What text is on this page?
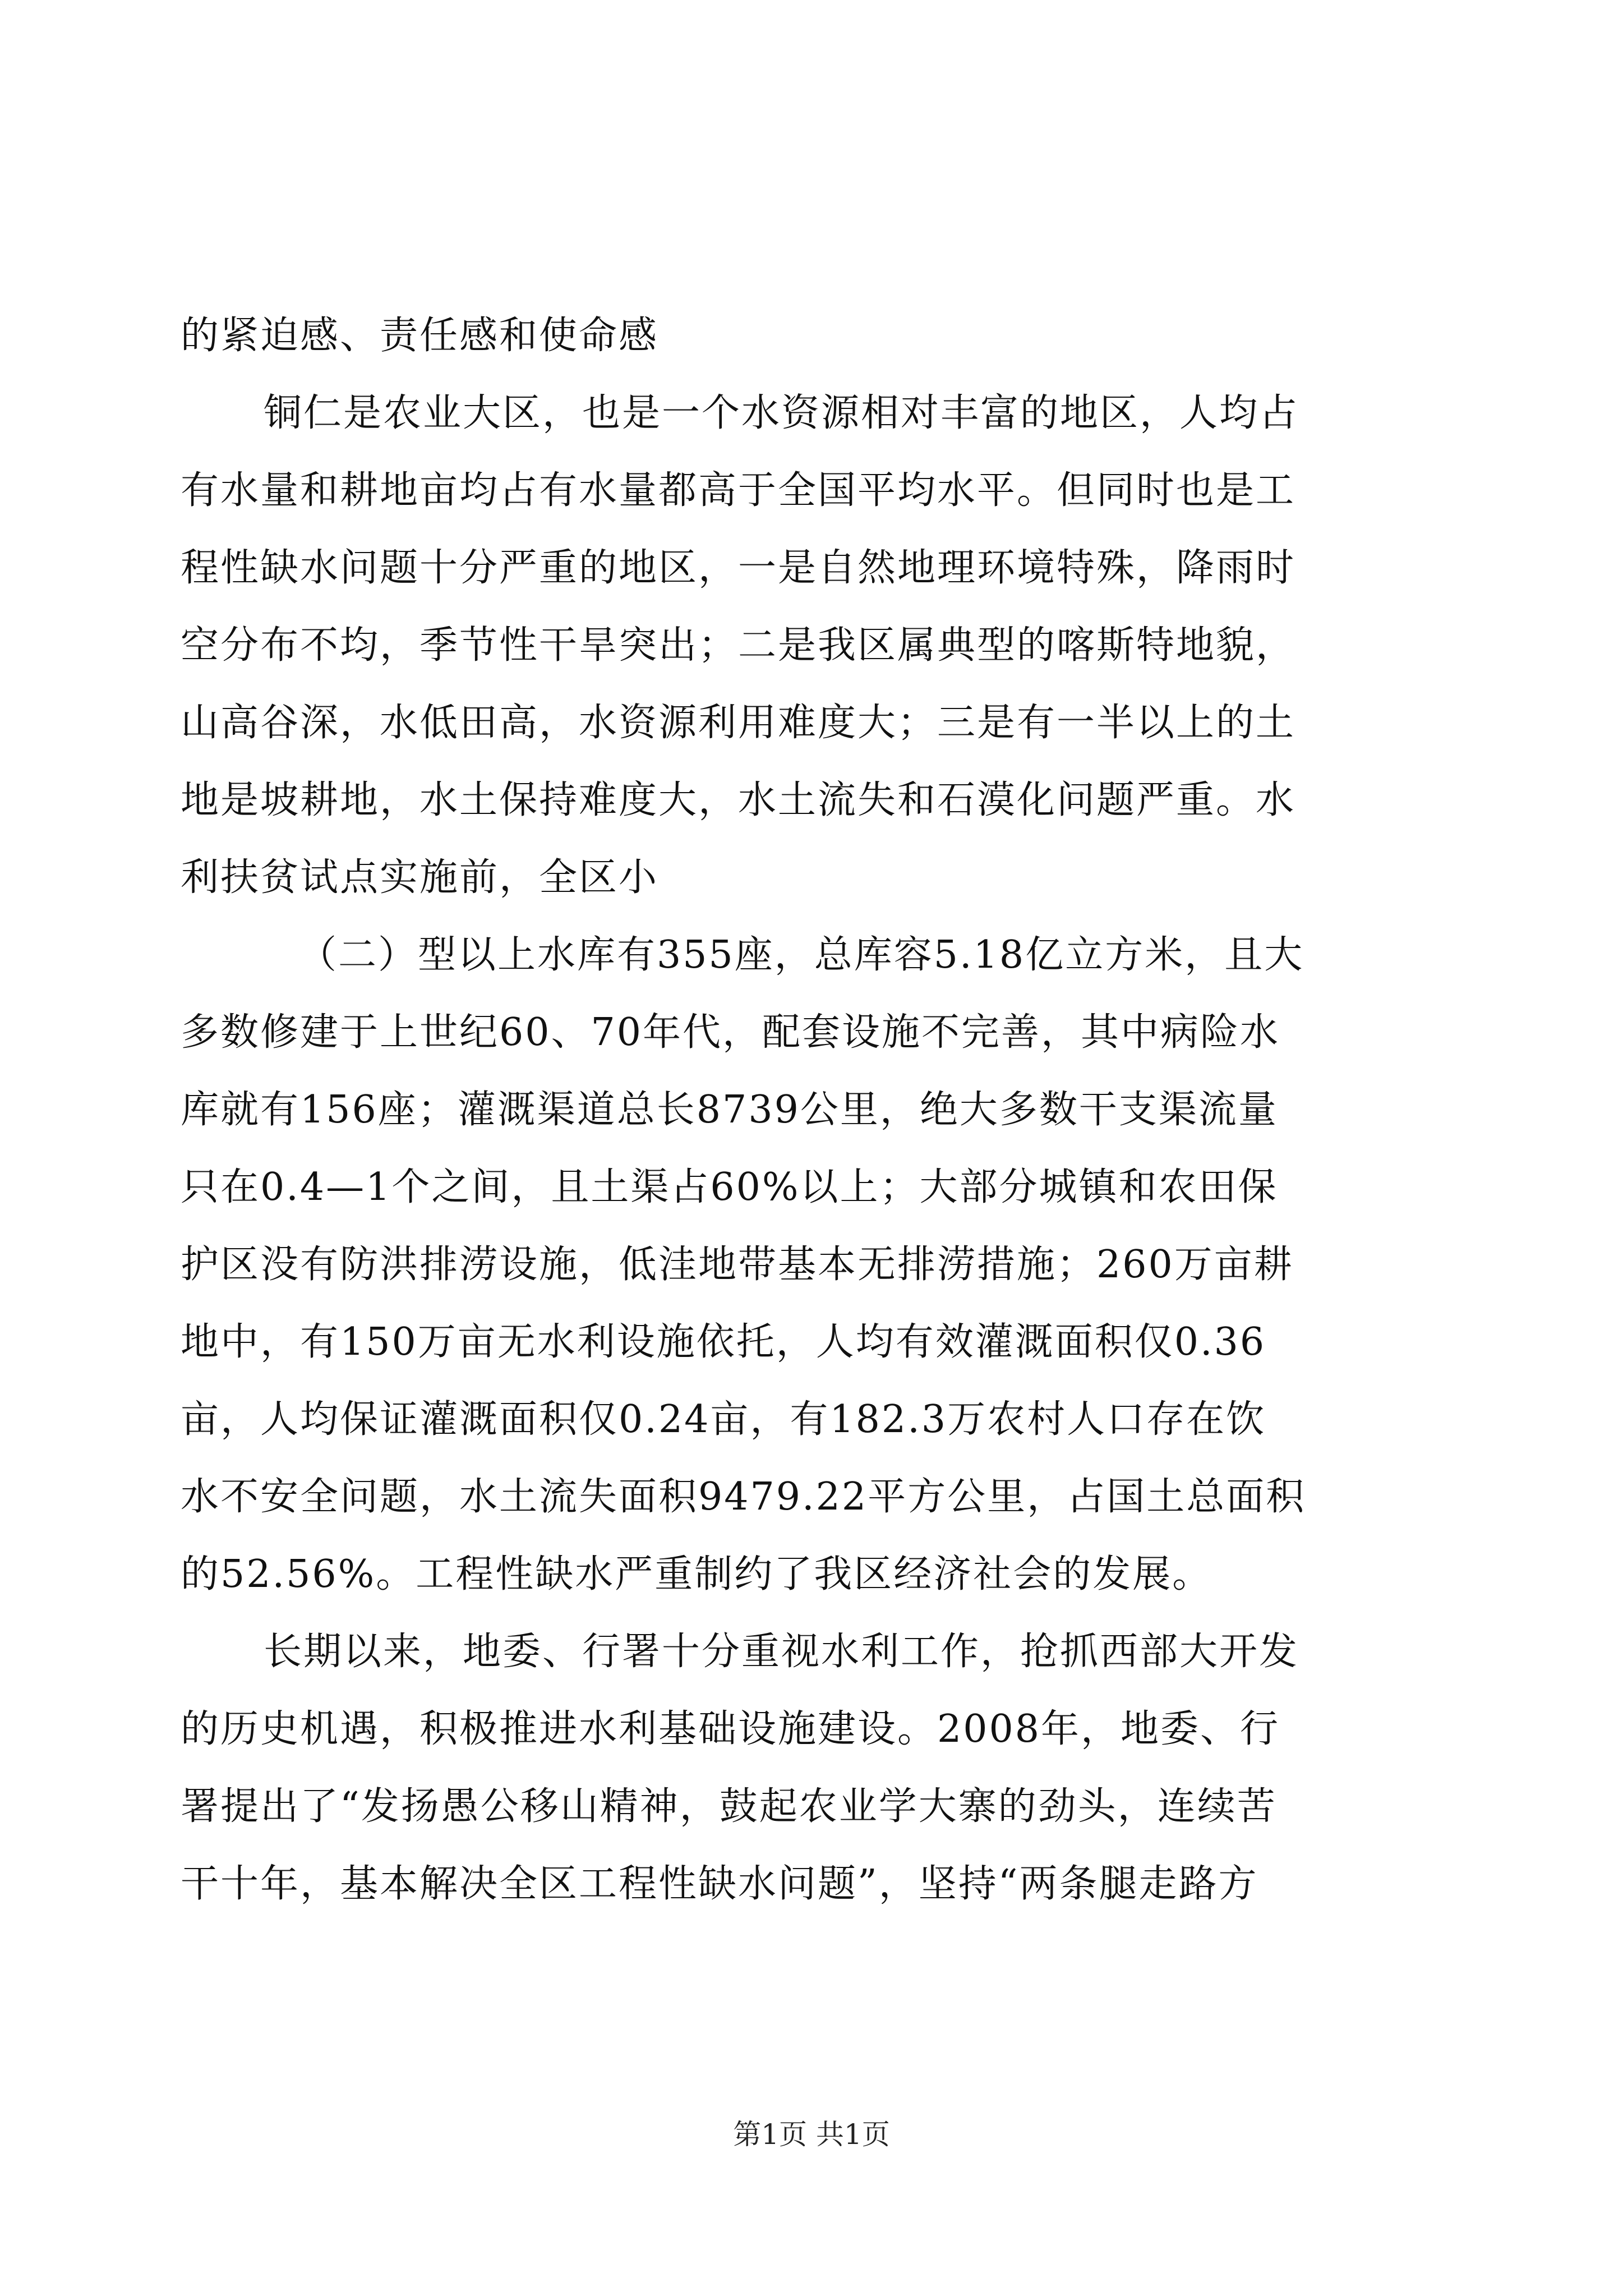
的紧迫感、责任感和使命感
铜仁是农业大区，也是一个水资源相对丰富的地区，人均占
有水量和耕地亩均占有水量都高于全国平均水平。但同时也是工
程性缺水问题十分严重的地区，一是自然地理环境特殊，降雨时
空分布不均，季节性干旱突出；二是我区属典型的喀斯特地貌，
山高谷深，水低田高，水资源利用难度大；三是有一半以上的土
地是坡耕地，水土保持难度大，水土流失和石漠化问题严重。水
利扶贫试点实施前，全区小
（二）型以上水库有355座，总库容5.18亿立方米，且大
多数修建于上世纪60、70年代，配套设施不完善，其中病险水
库就有156座；灌溉渠道总长8739公里，绝大多数干支渠流量
只在0.4—1个之间，且土渠占60%以上；大部分城镇和农田保
护区没有防洪排涝设施，低洼地带基本无排涝措施；260万亩耕
地中，有150万亩无水利设施依托，人均有效灌溉面积仅0.36
亩，人均保证灌溉面积仅0.24亩，有182.3万农村人口存在饮
水不安全问题，水土流失面积9479.22平方公里，占国土总面积
的52.56%。工程性缺水严重制约了我区经济社会的发展。
长期以来，地委、行署十分重视水利工作，抢抓西部大开发
的历史机遇，积极推进水利基础设施建设。2008年，地委、行
署提出了“发扬愚公移山精神，鼓起农业学大寨的劲头，连续苦
干十年，基本解决全区工程性缺水问题”，坚持“两条腿走路方
第1页 共1页
